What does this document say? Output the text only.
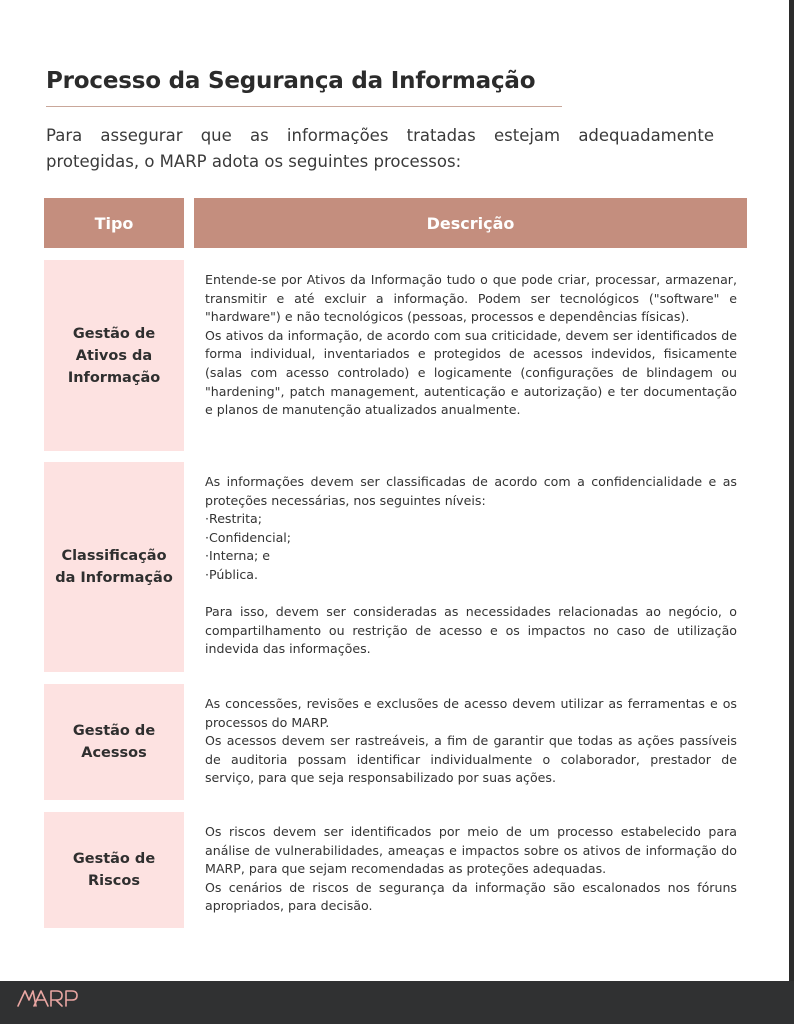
Processo da Segurança da Informação

Para assegurar que as informações tratadas estejam adequadamente protegidas, o MARP adota os seguintes processos:

Tipo	Descrição
Gestão de
Ativos da
Informação

Entende-se por Ativos da Informação tudo o que pode criar, processar, armazenar, transmitir e até excluir a informação. Podem ser tecnológicos ("software" e "hardware") e não tecnológicos (pessoas, processos e dependências físicas).

Os ativos da informação, de acordo com sua criticidade, devem ser identificados de forma individual, inventariados e protegidos de acessos indevidos, fisicamente (salas com acesso controlado) e logicamente (configurações de blindagem ou "hardening", patch management, autenticação e autorização) e ter documentação e planos de manutenção atualizados anualmente.

Classificação
da Informação

As informações devem ser classificadas de acordo com a confidencialidade e as proteções necessárias, nos seguintes níveis:

·Restrita;

·Confidencial;

·Interna; e

·Pública.

Para isso, devem ser consideradas as necessidades relacionadas ao negócio, o compartilhamento ou restrição de acesso e os impactos no caso de utilização indevida das informações.

Gestão de
Acessos

As concessões, revisões e exclusões de acesso devem utilizar as ferramentas e os processos do MARP.

Os acessos devem ser rastreáveis, a fim de garantir que todas as ações passíveis de auditoria possam identificar individualmente o colaborador, prestador de serviço, para que seja responsabilizado por suas ações.

Gestão de
Riscos

Os riscos devem ser identificados por meio de um processo estabelecido para análise de vulnerabilidades, ameaças e impactos sobre os ativos de informação do MARP, para que sejam recomendadas as proteções adequadas.

Os cenários de riscos de segurança da informação são escalonados nos fóruns apropriados, para decisão.
